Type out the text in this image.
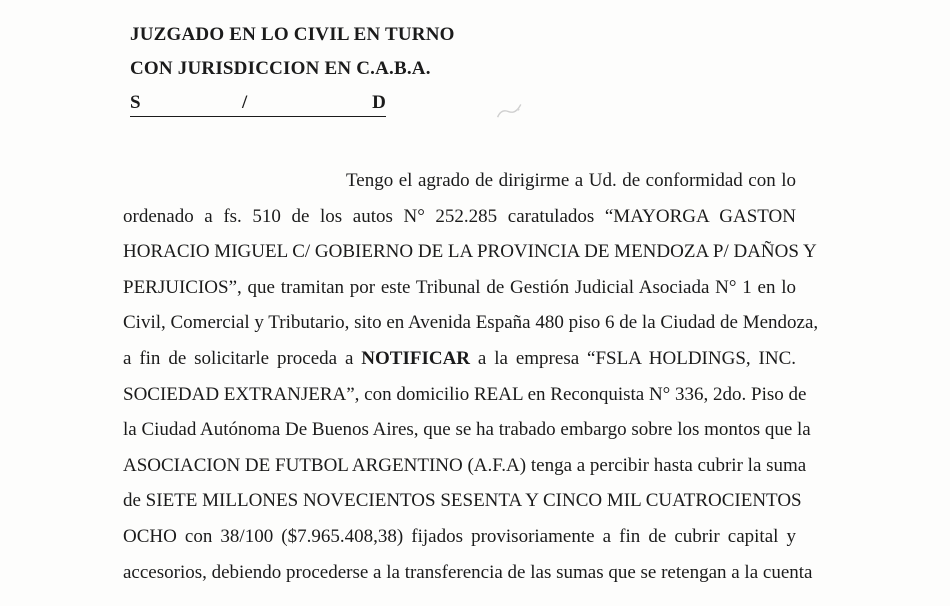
JUZGADO EN LO CIVIL EN TURNO
CON JURISDICCION EN C.A.B.A.
S	/	D
Tengo el agrado de dirigirme a Ud. de conformidad con lo
ordenado a fs. 510 de los autos N° 252.285 caratulados “MAYORGA GASTON
HORACIO MIGUEL C/ GOBIERNO DE LA PROVINCIA DE MENDOZA P/ DAÑOS Y
PERJUICIOS”, que tramitan por este Tribunal de Gestión Judicial Asociada N° 1 en lo
Civil, Comercial y Tributario, sito en Avenida España 480 piso 6 de la Ciudad de Mendoza,
a fin de solicitarle proceda a NOTIFICAR a la empresa “FSLA HOLDINGS, INC.
SOCIEDAD EXTRANJERA”, con domicilio REAL en Reconquista N° 336, 2do. Piso de
la Ciudad Autónoma De Buenos Aires, que se ha trabado embargo sobre los montos que la
ASOCIACION DE FUTBOL ARGENTINO (A.F.A) tenga a percibir hasta cubrir la suma
de SIETE MILLONES NOVECIENTOS SESENTA Y CINCO MIL CUATROCIENTOS
OCHO con 38/100 ($7.965.408,38) fijados provisoriamente a fin de cubrir capital y
accesorios, debiendo procederse a la transferencia de las sumas que se retengan a la cuenta
